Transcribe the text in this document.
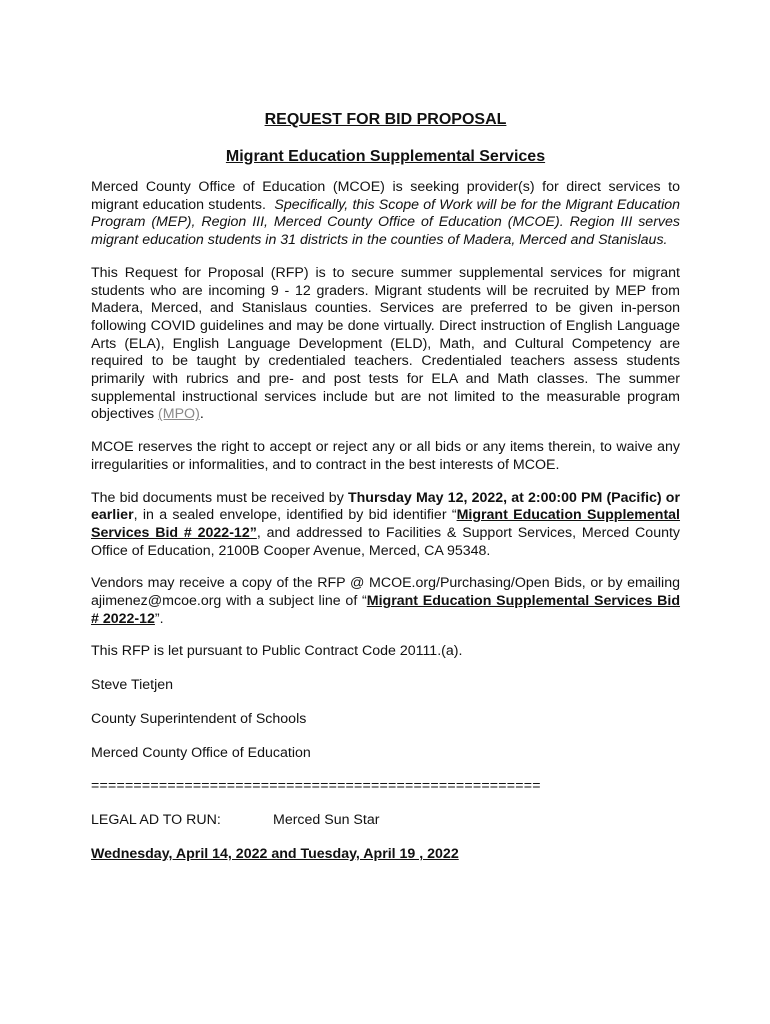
REQUEST FOR BID PROPOSAL
Migrant Education Supplemental Services

Merced County Office of Education (MCOE) is seeking provider(s) for direct services to migrant education students. Specifically, this Scope of Work will be for the Migrant Education Program (MEP), Region III, Merced County Office of Education (MCOE). Region III serves migrant education students in 31 districts in the counties of Madera, Merced and Stanislaus.

This Request for Proposal (RFP) is to secure summer supplemental services for migrant students who are incoming 9 - 12 graders. Migrant students will be recruited by MEP from Madera, Merced, and Stanislaus counties. Services are preferred to be given in-person following COVID guidelines and may be done virtually. Direct instruction of English Language Arts (ELA), English Language Development (ELD), Math, and Cultural Competency are required to be taught by credentialed teachers. Credentialed teachers assess students primarily with rubrics and pre- and post tests for ELA and Math classes. The summer supplemental instructional services include but are not limited to the measurable program objectives (MPO).

MCOE reserves the right to accept or reject any or all bids or any items therein, to waive any irregularities or informalities, and to contract in the best interests of MCOE.

The bid documents must be received by Thursday May 12, 2022, at 2:00:00 PM (Pacific) or earlier, in a sealed envelope, identified by bid identifier “Migrant Education Supplemental Services Bid # 2022-12”, and addressed to Facilities & Support Services, Merced County Office of Education, 2100B Cooper Avenue, Merced, CA 95348.

Vendors may receive a copy of the RFP @ MCOE.org/Purchasing/Open Bids, or by emailing ajimenez@mcoe.org with a subject line of “Migrant Education Supplemental Services Bid # 2022-12”.

This RFP is let pursuant to Public Contract Code 20111.(a).

Steve Tietjen

County Superintendent of Schools

Merced County Office of Education

=====================================================
LEGAL AD TO RUN:	Merced Sun Star
Wednesday, April 14, 2022 and Tuesday, April 19 , 2022
